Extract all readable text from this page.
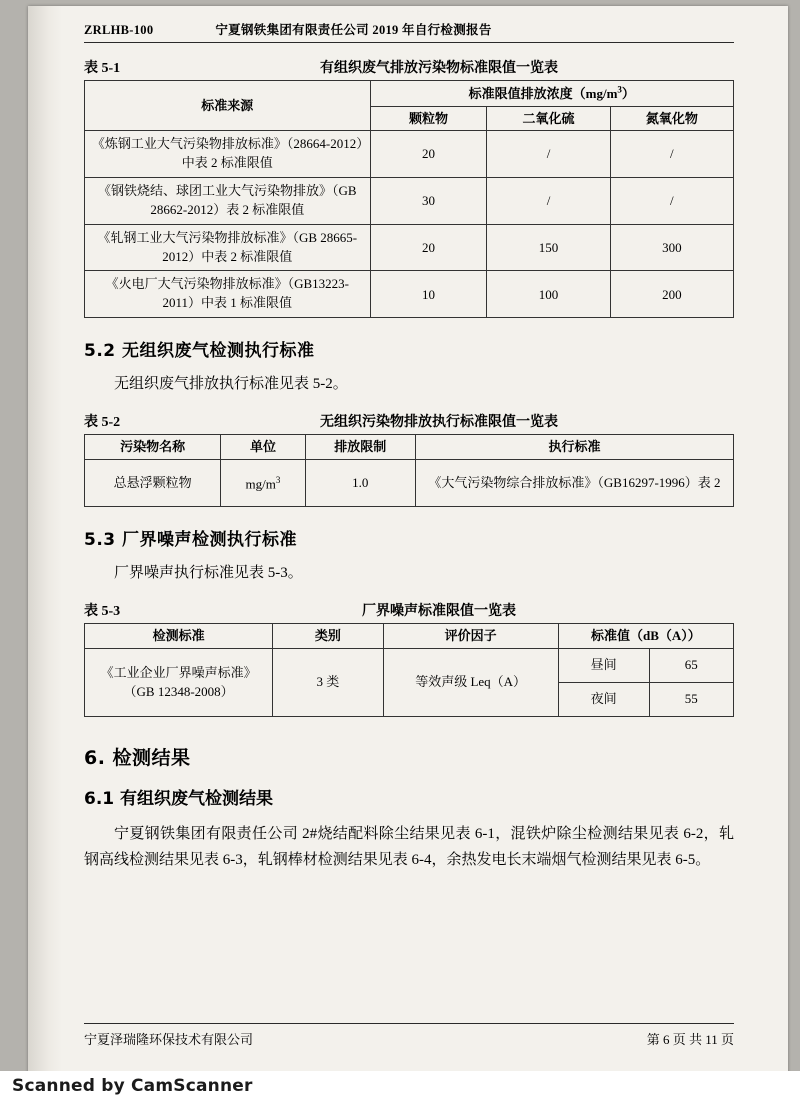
ZRLHB-100	宁夏钢铁集团有限责任公司 2019 年自行检测报告
表 5-1	有组织废气排放污染物标准限值一览表
标准来源	标准限值排放浓度$(mg/m^3)$		
	颗粒物	二氧化硫	氮氧化物
《炼钢工业大气污染物排放标准》（28664-2012）中表 2 标准限值	20	/	/
《钢铁烧结、球团工业大气污染物排放》（GB 28662-2012）表 2 标准限值	30	/	/
《轧钢工业大气污染物排放标准》（GB 28665-2012）中表 2 标准限值	20	150	300
《火电厂大气污染物排放标准》（GB13223-2011）中表 1 标准限值	10	100	200
5.2 无组织废气检测执行标准

无组织废气排放执行标准见表 5-2。

表 5-2	无组织污染物排放执行标准限值一览表
污染物名称	单位	排放限制	执行标准
总悬浮颗粒物	$mg/m^3$	1.0	《大气污染物综合排放标准》（GB16297-1996）表 2
5.3 厂界噪声检测执行标准

厂界噪声执行标准见表 5-3。

表 5-3	厂界噪声标准限值一览表
检测标准	类别	评价因子	标准值（dB（A））	
《工业企业厂界噪声标准》（GB 12348-2008）	3 类	等效声级 Leq（A）	昼间	65
			夜间	55
6. 检测结果
6.1 有组织废气检测结果

宁夏钢铁集团有限责任公司 2#烧结配料除尘结果见表 6-1，混铁炉除尘检测结果见表 6-2，轧钢高线检测结果见表 6-3，轧钢棒材检测结果见表 6-4，余热发电长末端烟气检测结果见表 6-5。

宁夏泽瑞隆环保技术有限公司	第 6 页 共 11 页
Scanned by CamScanner
